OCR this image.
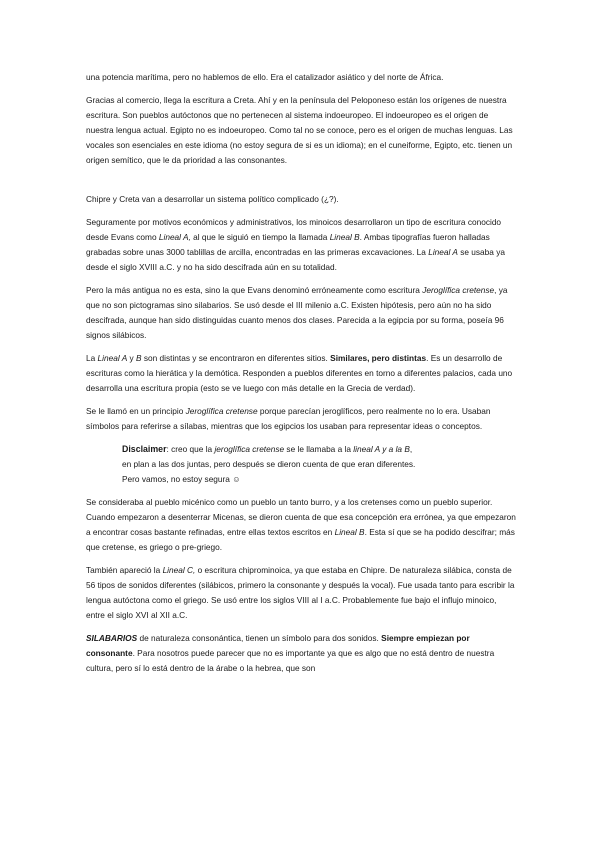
una potencia marítima, pero no hablemos de ello. Era el catalizador asiático y del norte de África.

Gracias al comercio, llega la escritura a Creta. Ahí y en la península del Peloponeso están los orígenes de nuestra escritura. Son pueblos autóctonos que no pertenecen al sistema indoeuropeo. El indoeuropeo es el origen de nuestra lengua actual. Egipto no es indoeuropeo. Como tal no se conoce, pero es el origen de muchas lenguas. Las vocales son esenciales en este idioma (no estoy segura de si es un idioma); en el cuneiforme, Egipto, etc. tienen un origen semítico, que le da prioridad a las consonantes.

Chipre y Creta van a desarrollar un sistema político complicado (¿?).

Seguramente por motivos económicos y administrativos, los minoicos desarrollaron un tipo de escritura conocido desde Evans como Lineal A, al que le siguió en tiempo la llamada Lineal B. Ambas tipografías fueron halladas grabadas sobre unas 3000 tablillas de arcilla, encontradas en las primeras excavaciones. La Lineal A se usaba ya desde el siglo XVIII a.C. y no ha sido descifrada aún en su totalidad.

Pero la más antigua no es esta, sino la que Evans denominó erróneamente como escritura Jeroglífica cretense, ya que no son pictogramas sino silabarios. Se usó desde el III milenio a.C. Existen hipótesis, pero aún no ha sido descifrada, aunque han sido distinguidas cuanto menos dos clases. Parecida a la egipcia por su forma, poseía 96 signos silábicos.

La Lineal A y B son distintas y se encontraron en diferentes sitios. Similares, pero distintas. Es un desarrollo de escrituras como la hierática y la demótica. Responden a pueblos diferentes en torno a diferentes palacios, cada uno desarrolla una escritura propia (esto se ve luego con más detalle en la Grecia de verdad).

Se le llamó en un principio Jeroglífica cretense porque parecían jeroglíficos, pero realmente no lo era. Usaban símbolos para referirse a sílabas, mientras que los egipcios los usaban para representar ideas o conceptos.

Disclaimer: creo que la jeroglífica cretense se le llamaba a la lineal A y a la B,
en plan a las dos juntas, pero después se dieron cuenta de que eran diferentes.
Pero vamos, no estoy segura ☺

Se consideraba al pueblo micénico como un pueblo un tanto burro, y a los cretenses como un pueblo superior. Cuando empezaron a desenterrar Micenas, se dieron cuenta de que esa concepción era errónea, ya que empezaron a encontrar cosas bastante refinadas, entre ellas textos escritos en Lineal B. Esta sí que se ha podido descifrar; más que cretense, es griego o pre-griego.

También apareció la Lineal C, o escritura chiprominoica, ya que estaba en Chipre. De naturaleza silábica, consta de 56 tipos de sonidos diferentes (silábicos, primero la consonante y después la vocal). Fue usada tanto para escribir la lengua autóctona como el griego. Se usó entre los siglos VIII al I a.C. Probablemente fue bajo el influjo minoico, entre el siglo XVI al XII a.C.

SILABARIOS de naturaleza consonántica, tienen un símbolo para dos sonidos. Siempre empiezan por consonante. Para nosotros puede parecer que no es importante ya que es algo que no está dentro de nuestra cultura, pero sí lo está dentro de la árabe o la hebrea, que son
